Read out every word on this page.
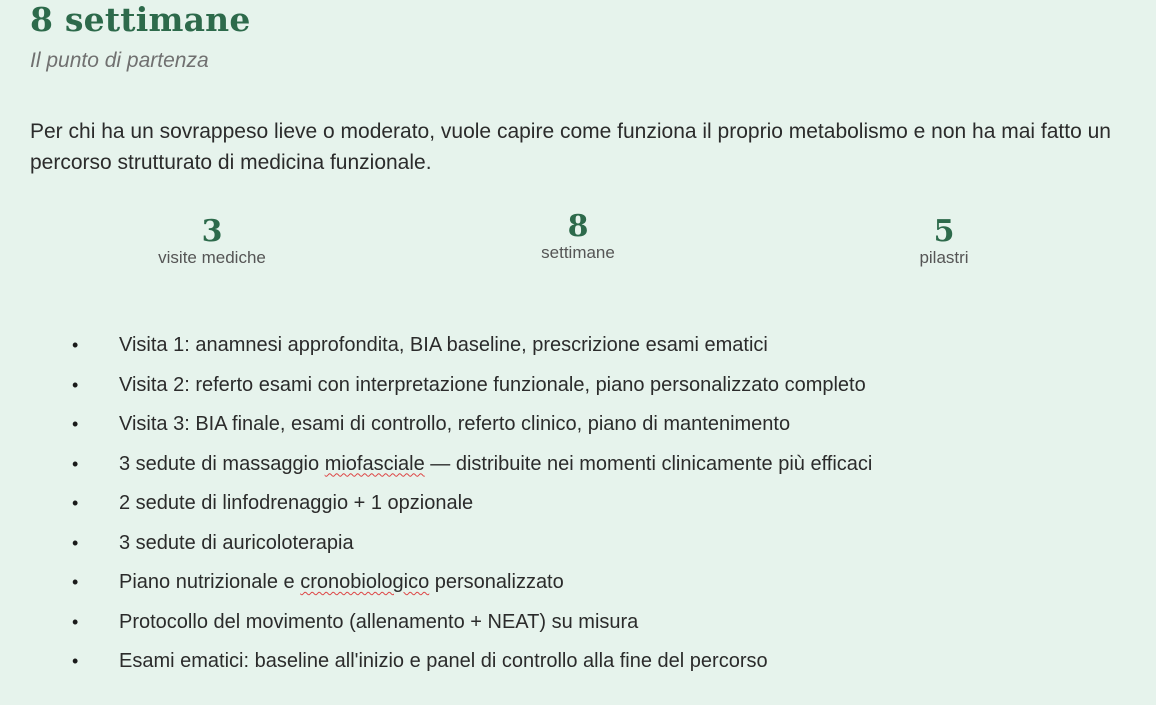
8 settimane
Il punto di partenza
Per chi ha un sovrappeso lieve o moderato, vuole capire come funziona il proprio metabolismo e non ha mai fatto un percorso strutturato di medicina funzionale.
3
visite mediche
8
settimane
5
pilastri
• Visita 1: anamnesi approfondita, BIA baseline, prescrizione esami ematici
• Visita 2: referto esami con interpretazione funzionale, piano personalizzato completo
• Visita 3: BIA finale, esami di controllo, referto clinico, piano di mantenimento
• 3 sedute di massaggio miofasciale — distribuite nei momenti clinicamente più efficaci
• 2 sedute di linfodrenaggio + 1 opzionale
• 3 sedute di auricoloterapia
• Piano nutrizionale e cronobiologico personalizzato
• Protocollo del movimento (allenamento + NEAT) su misura
• Esami ematici: baseline all'inizio e panel di controllo alla fine del percorso
